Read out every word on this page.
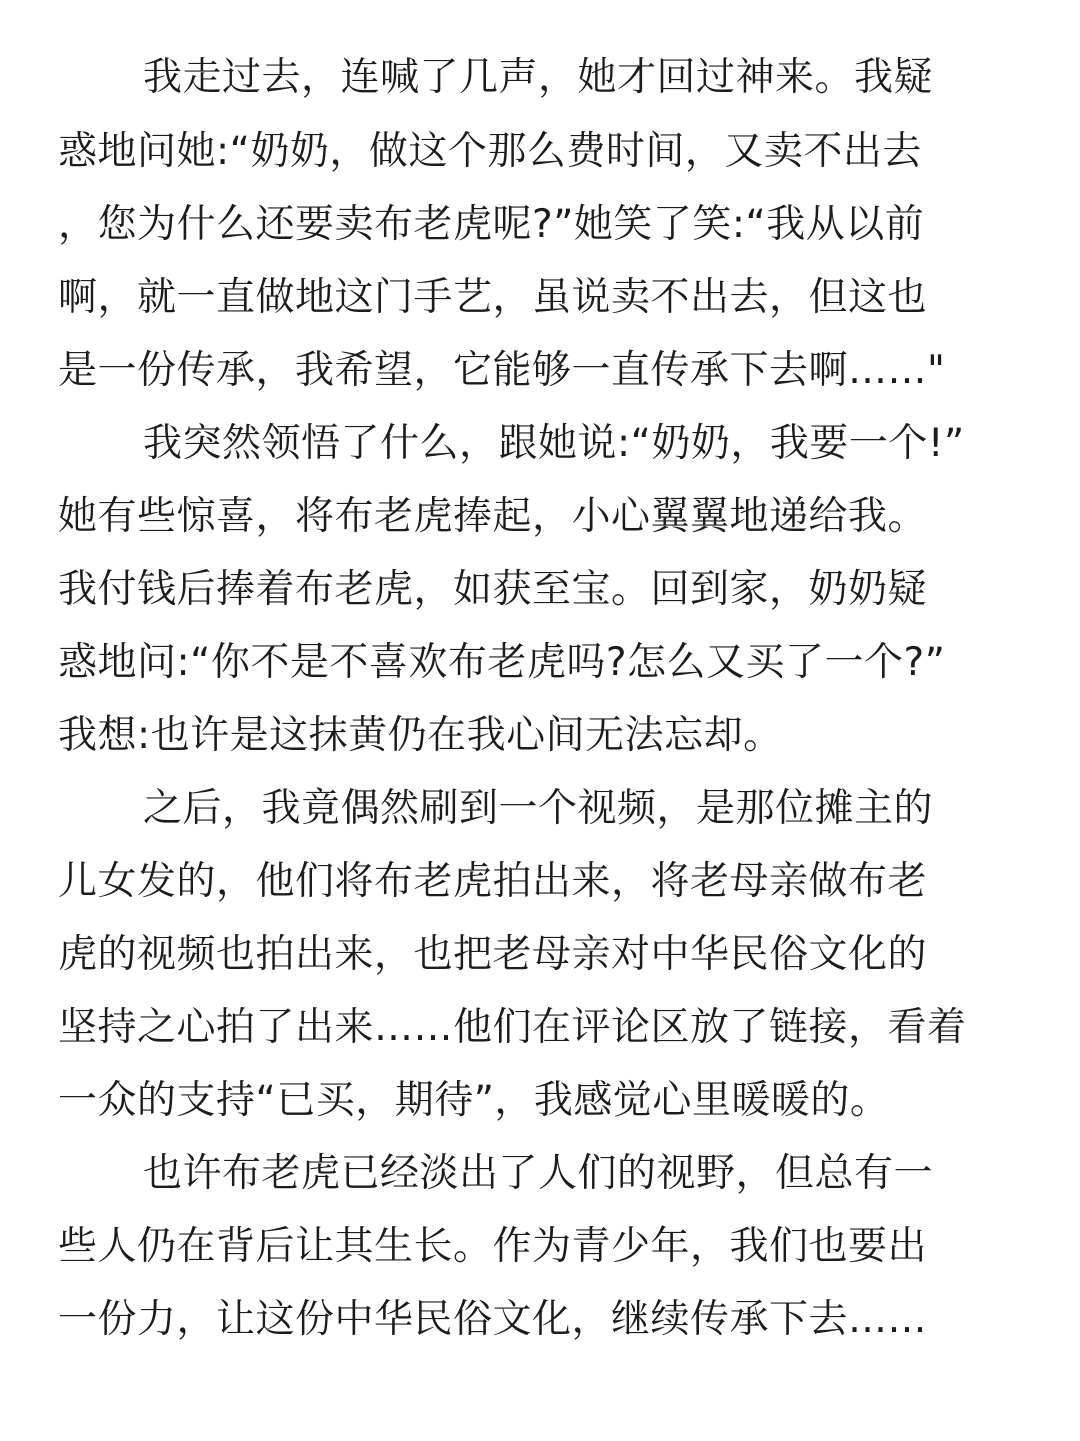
我走过去，连喊了几声，她才回过神来。我疑
惑地问她:“奶奶，做这个那么费时间，又卖不出去
，您为什么还要卖布老虎呢?”她笑了笑:“我从以前
啊，就一直做地这门手艺，虽说卖不出去，但这也
是一份传承，我希望，它能够一直传承下去啊……"
我突然领悟了什么，跟她说:“奶奶，我要一个!”
她有些惊喜，将布老虎捧起，小心翼翼地递给我。
我付钱后捧着布老虎，如获至宝。回到家，奶奶疑
惑地问:“你不是不喜欢布老虎吗?怎么又买了一个?”
我想:也许是这抹黄仍在我心间无法忘却。
之后，我竟偶然刷到一个视频，是那位摊主的
儿女发的，他们将布老虎拍出来，将老母亲做布老
虎的视频也拍出来，也把老母亲对中华民俗文化的
坚持之心拍了出来……他们在评论区放了链接，看着
一众的支持“已买，期待”，我感觉心里暖暖的。
也许布老虎已经淡出了人们的视野，但总有一
些人仍在背后让其生长。作为青少年，我们也要出
一份力，让这份中华民俗文化，继续传承下去……
